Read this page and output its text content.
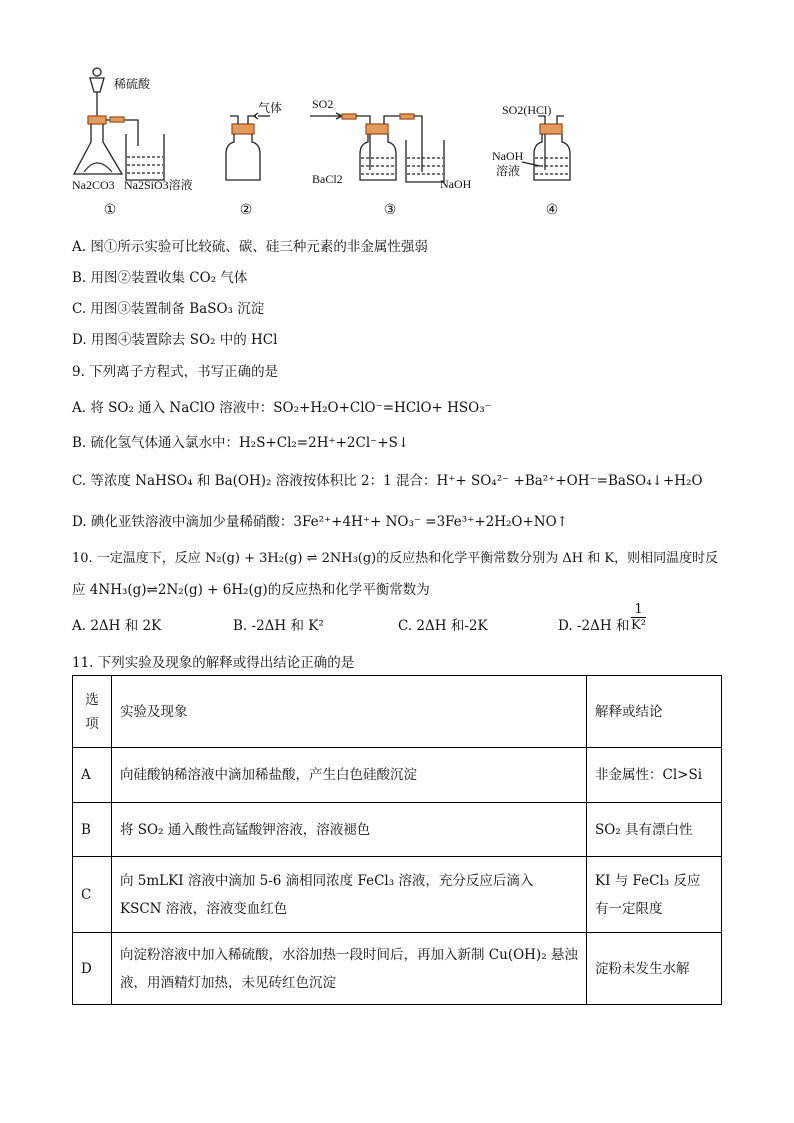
稀硫酸
Na2CO3 Na2SiO3溶液
气体 SO2
BaCl2	NaOH
SO2(HCl)
NaOH
溶液
①	②	③	④
A. 图①所示实验可比较硫、碳、硅三种元素的非金属性强弱
B. 用图②装置收集 CO₂ 气体
C. 用图③装置制备 BaSO₃ 沉淀
D. 用图④装置除去 SO₂ 中的 HCl
9. 下列离子方程式，书写正确的是
A. 将 SO₂ 通入 NaClO 溶液中：SO₂+H₂O+ClO⁻=HClO+ HSO₃⁻
B. 硫化氢气体通入氯水中：H₂S+Cl₂=2H⁺+2Cl⁻+S↓
C. 等浓度 NaHSO₄ 和 Ba(OH)₂ 溶液按体积比 2：1 混合：H⁺+ SO₄²⁻ +Ba²⁺+OH⁻=BaSO₄↓+H₂O
D. 碘化亚铁溶液中滴加少量稀硝酸：3Fe²⁺+4H⁺+ NO₃⁻ =3Fe³⁺+2H₂O+NO↑
10. 一定温度下，反应 N₂(g) + 3H₂(g) ⇌ 2NH₃(g)的反应热和化学平衡常数分别为 ΔH 和 K，则相同温度时反
应 4NH₃(g)⇌2N₂(g) + 6H₂(g)的反应热和化学平衡常数为
A. 2ΔH 和 2K	B. -2ΔH 和 K²	C. 2ΔH 和-2K	D. -2ΔH 和 $\frac{1}{\text{K²}}$
11. 下列实验及现象的解释或得出结论正确的是
选项	实验及现象	解释或结论
A	向硅酸钠稀溶液中滴加稀盐酸，产生白色硅酸沉淀	非金属性：Cl>Si
B	将 SO₂ 通入酸性高锰酸钾溶液，溶液褪色	SO₂ 具有漂白性
C	向 5mLKI 溶液中滴加 5-6 滴相同浓度 FeCl₃ 溶液，充分反应后滴入 KSCN 溶液，溶液变血红色	KI 与 FeCl₃ 反应有一定限度
D	向淀粉溶液中加入稀硫酸，水浴加热一段时间后，再加入新制 Cu(OH)₂ 悬浊液，用酒精灯加热，未见砖红色沉淀	淀粉未发生水解
